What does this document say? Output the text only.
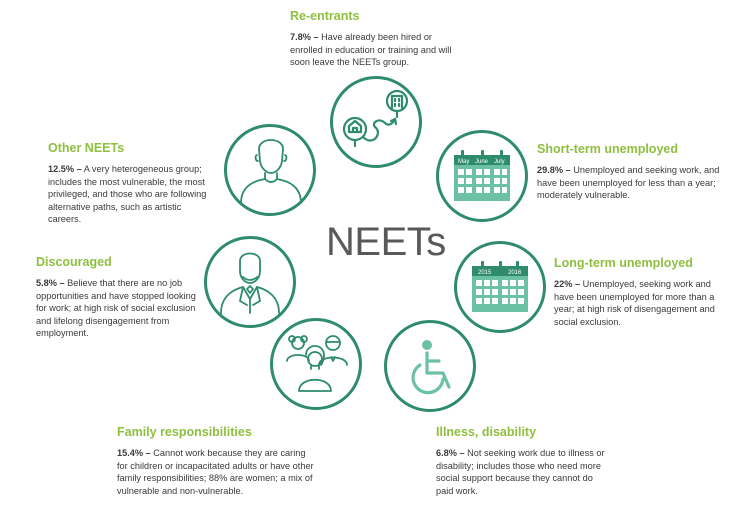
NEETs
Re-entrants
7.8% – Have already been hired or enrolled in education or training and will soon leave the NEETs group.
Short-term unemployed
29.8% – Unemployed and seeking work, and have been unemployed for less than a year; moderately vulnerable.
May June July
Long-term unemployed
22% – Unemployed, seeking work and have been unemployed for more than a year; at high risk of disengagement and social exclusion.
2015	2016
Illness, disability
6.8% – Not seeking work due to illness or disability; includes those who need more social support because they cannot do paid work.
Family responsibilities
15.4% – Cannot work because they are caring for children or incapacitated adults or have other family responsibilities; 88% are women; a mix of vulnerable and non-vulnerable.
Discouraged
5.8% – Believe that there are no job opportunities and have stopped looking for work; at high risk of social exclusion and lifelong disengagement from employment.
Other NEETs
12.5% – A very heterogeneous group; includes the most vulnerable, the most privileged, and those who are following alternative paths, such as artistic careers.
